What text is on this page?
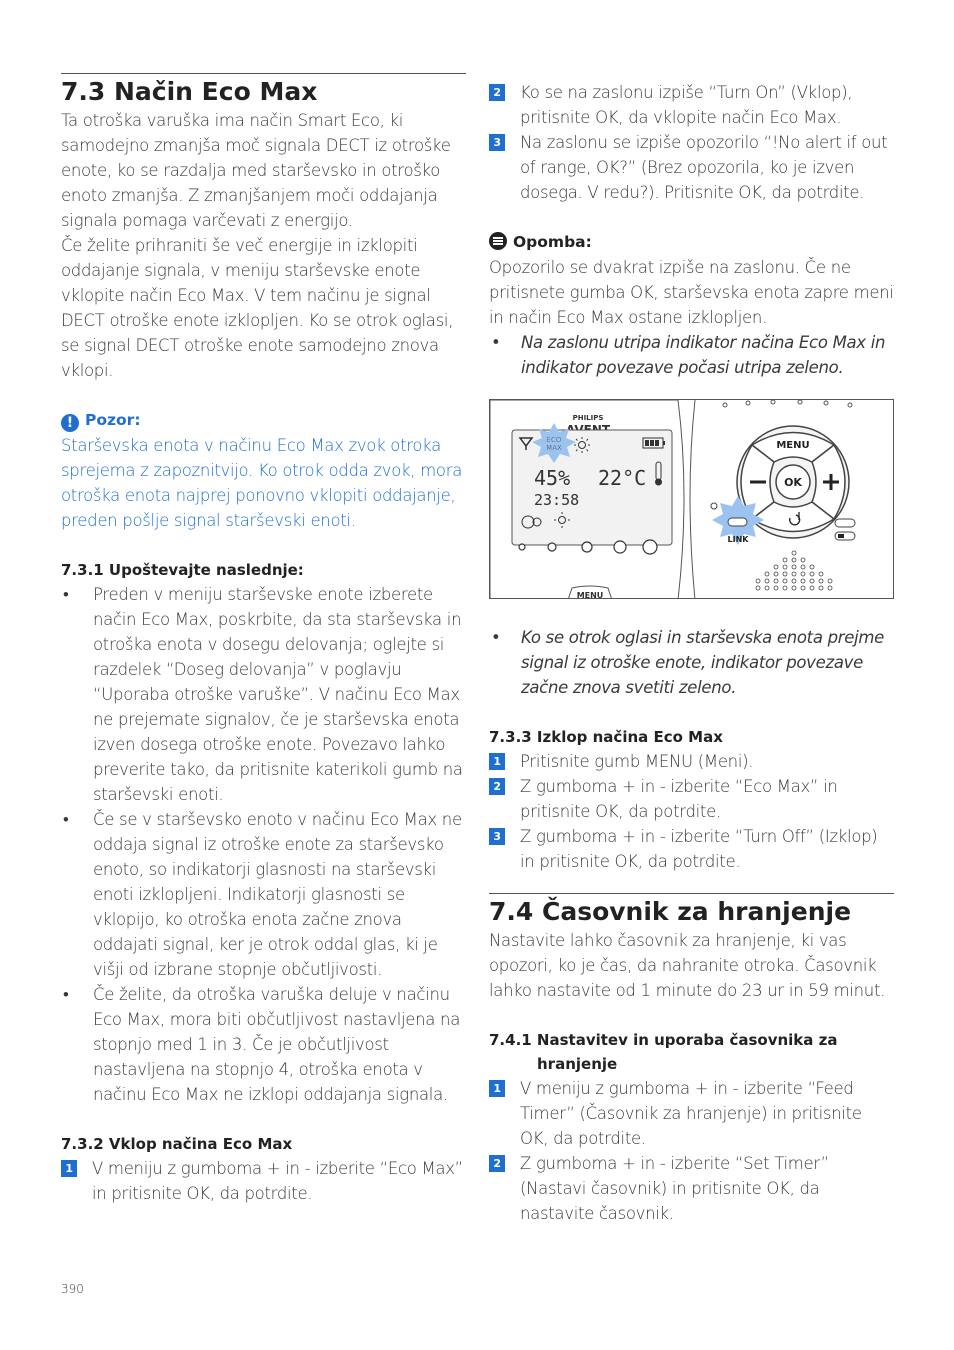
7.3 Način Eco Max

Ta otroška varuška ima način Smart Eco, ki samodejno zmanjša moč signala DECT iz otroške enote, ko se razdalja med starševsko in otroško enoto zmanjša. Z zmanjšanjem moči oddajanja signala pomaga varčevati z energijo.

Če želite prihraniti še več energije in izklopiti oddajanje signala, v meniju starševske enote vklopite način Eco Max. V tem načinu je signal DECT otroške enote izklopljen. Ko se otrok oglasi, se signal DECT otroške enote samodejno znova vklopi.

! Pozor:

Starševska enota v načinu Eco Max zvok otroka sprejema z zapoznitvijo. Ko otrok odda zvok, mora otroška enota najprej ponovno vklopiti oddajanje, preden pošlje signal starševski enoti.

7.3.1 Upoštevajte naslednje:
• Preden v meniju starševske enote izberete način Eco Max, poskrbite, da sta starševska in otroška enota v dosegu delovanja; oglejte si razdelek “Doseg delovanja” v poglavju “Uporaba otroške varuške”. V načinu Eco Max ne prejemate signalov, če je starševska enota izven dosega otroške enote. Povezavo lahko preverite tako, da pritisnite katerikoli gumb na starševski enoti.
• Če se v starševsko enoto v načinu Eco Max ne oddaja signal iz otroške enote za starševsko enoto, so indikatorji glasnosti na starševski enoti izklopljeni. Indikatorji glasnosti se vklopijo, ko otroška enota začne znova oddajati signal, ker je otrok oddal glas, ki je višji od izbrane stopnje občutljivosti.
• Če želite, da otroška varuška deluje v načinu Eco Max, mora biti občutljivost nastavljena na stopnjo med 1 in 3. Če je občutljivost nastavljena na stopnjo 4, otroška enota v načinu Eco Max ne izklopi oddajanja signala.
7.3.2 Vklop načina Eco Max
1 V meniju z gumboma + in - izberite “Eco Max” in pritisnite OK, da potrdite.
2 Ko se na zaslonu izpiše “Turn On” (Vklop), pritisnite OK, da vklopite način Eco Max.
3 Na zaslonu se izpiše opozorilo “!No alert if out of range, OK?” (Brez opozorila, ko je izven dosega. V redu?). Pritisnite OK, da potrdite.
Opomba:

Opozorilo se dvakrat izpiše na zaslonu. Če ne pritisnete gumba OK, starševska enota zapre meni in način Eco Max ostane izklopljen.

• Na zaslonu utripa indikator načina Eco Max in indikator povezave počasi utripa zeleno.
PHILIPS
ECO
MAX
45% 22°C
23:58
MENU
MENU
OK
LINK
• Ko se otrok oglasi in starševska enota prejme signal iz otroške enote, indikator povezave začne znova svetiti zeleno.
7.3.3 Izklop načina Eco Max
1 Pritisnite gumb MENU (Meni).
2 Z gumboma + in - izberite “Eco Max” in pritisnite OK, da potrdite.
3 Z gumboma + in - izberite “Turn Off” (Izklop) in pritisnite OK, da potrdite.
7.4 Časovnik za hranjenje

Nastavite lahko časovnik za hranjenje, ki vas opozori, ko je čas, da nahranite otroka. Časovnik lahko nastavite od 1 minute do 23 ur in 59 minut.

7.4.1 Nastavitev in uporaba časovnika za hranjenje
1 V meniju z gumboma + in - izberite “Feed Timer” (Časovnik za hranjenje) in pritisnite OK, da potrdite.
2 Z gumboma + in - izberite “Set Timer” (Nastavi časovnik) in pritisnite OK, da nastavite časovnik.
390
